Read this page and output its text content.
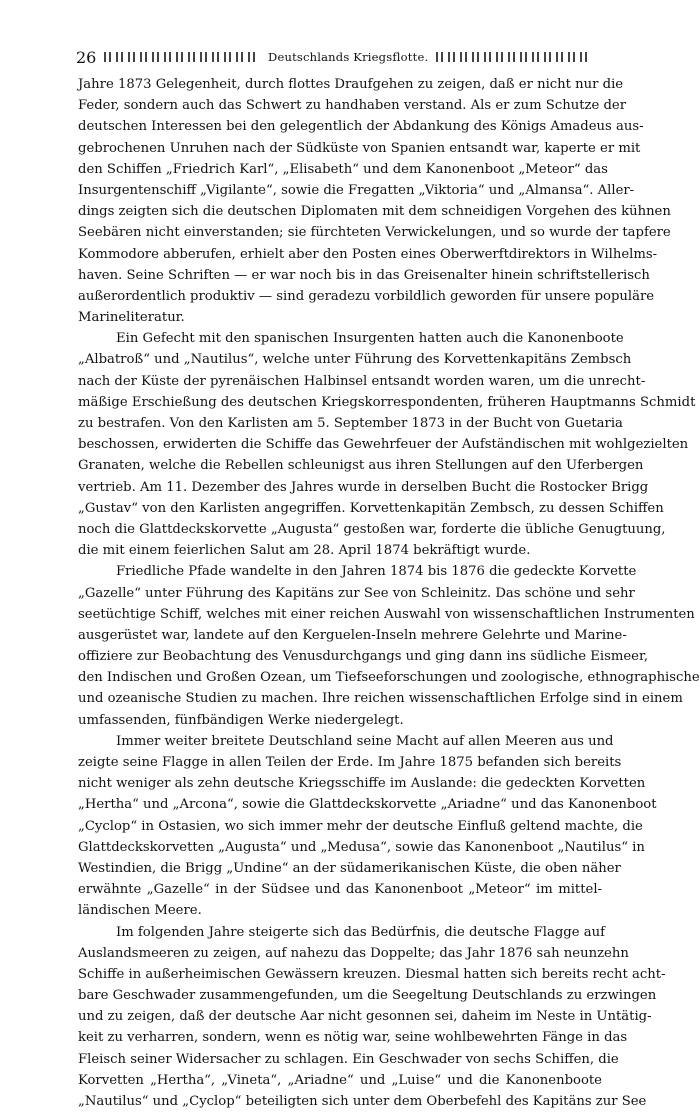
26	Deutschlands Kriegsflotte.
Jahre 1873 Gelegenheit, durch flottes Draufgehen zu zeigen, daß er nicht nur die
Feder, sondern auch das Schwert zu handhaben verstand. Als er zum Schutze der
deutschen Interessen bei den gelegentlich der Abdankung des Königs Amadeus aus-
gebrochenen Unruhen nach der Südküste von Spanien entsandt war, kaperte er mit
den Schiffen „Friedrich Karl“, „Elisabeth“ und dem Kanonenboot „Meteor“ das
Insurgentenschiff „Vigilante“, sowie die Fregatten „Viktoria“ und „Almansa“. Aller-
dings zeigten sich die deutschen Diplomaten mit dem schneidigen Vorgehen des kühnen
Seebären nicht einverstanden; sie fürchteten Verwickelungen, und so wurde der tapfere
Kommodore abberufen, erhielt aber den Posten eines Oberwerftdirektors in Wilhelms-
haven. Seine Schriften — er war noch bis in das Greisenalter hinein schriftstellerisch
außerordentlich produktiv — sind geradezu vorbildlich geworden für unsere populäre
Marineliteratur.
Ein Gefecht mit den spanischen Insurgenten hatten auch die Kanonenboote
„Albatroß“ und „Nautilus“, welche unter Führung des Korvettenkapitäns Zembsch
nach der Küste der pyrenäischen Halbinsel entsandt worden waren, um die unrecht-
mäßige Erschießung des deutschen Kriegskorrespondenten, früheren Hauptmanns Schmidt
zu bestrafen. Von den Karlisten am 5. September 1873 in der Bucht von Guetaria
beschossen, erwiderten die Schiffe das Gewehrfeuer der Aufständischen mit wohlgezielten
Granaten, welche die Rebellen schleunigst aus ihren Stellungen auf den Uferbergen
vertrieb. Am 11. Dezember des Jahres wurde in derselben Bucht die Rostocker Brigg
„Gustav“ von den Karlisten angegriffen. Korvettenkapitän Zembsch, zu dessen Schiffen
noch die Glattdeckskorvette „Augusta“ gestoßen war, forderte die übliche Genugtuung,
die mit einem feierlichen Salut am 28. April 1874 bekräftigt wurde.
Friedliche Pfade wandelte in den Jahren 1874 bis 1876 die gedeckte Korvette
„Gazelle“ unter Führung des Kapitäns zur See von Schleinitz. Das schöne und sehr
seetüchtige Schiff, welches mit einer reichen Auswahl von wissenschaftlichen Instrumenten
ausgerüstet war, landete auf den Kerguelen-Inseln mehrere Gelehrte und Marine-
offiziere zur Beobachtung des Venusdurchgangs und ging dann ins südliche Eismeer,
den Indischen und Großen Ozean, um Tiefseeforschungen und zoologische, ethnographische
und ozeanische Studien zu machen. Ihre reichen wissenschaftlichen Erfolge sind in einem
umfassenden, fünfbändigen Werke niedergelegt.
Immer weiter breitete Deutschland seine Macht auf allen Meeren aus und
zeigte seine Flagge in allen Teilen der Erde. Im Jahre 1875 befanden sich bereits
nicht weniger als zehn deutsche Kriegsschiffe im Auslande: die gedeckten Korvetten
„Hertha“ und „Arcona“, sowie die Glattdeckskorvette „Ariadne“ und das Kanonenboot
„Cyclop“ in Ostasien, wo sich immer mehr der deutsche Einfluß geltend machte, die
Glattdeckskorvetten „Augusta“ und „Medusa“, sowie das Kanonenboot „Nautilus“ in
Westindien, die Brigg „Undine“ an der südamerikanischen Küste, die oben näher
erwähnte „Gazelle“ in der Südsee und das Kanonenboot „Meteor“ im mittel-
ländischen Meere.
Im folgenden Jahre steigerte sich das Bedürfnis, die deutsche Flagge auf
Auslandsmeeren zu zeigen, auf nahezu das Doppelte; das Jahr 1876 sah neunzehn
Schiffe in außerheimischen Gewässern kreuzen. Diesmal hatten sich bereits recht acht-
bare Geschwader zusammengefunden, um die Seegeltung Deutschlands zu erzwingen
und zu zeigen, daß der deutsche Aar nicht gesonnen sei, daheim im Neste in Untätig-
keit zu verharren, sondern, wenn es nötig war, seine wohlbewehrten Fänge in das
Fleisch seiner Widersacher zu schlagen. Ein Geschwader von sechs Schiffen, die
Korvetten „Hertha“, „Vineta“, „Ariadne“ und „Luise“ und die Kanonenboote
„Nautilus“ und „Cyclop“ beteiligten sich unter dem Oberbefehl des Kapitäns zur See
